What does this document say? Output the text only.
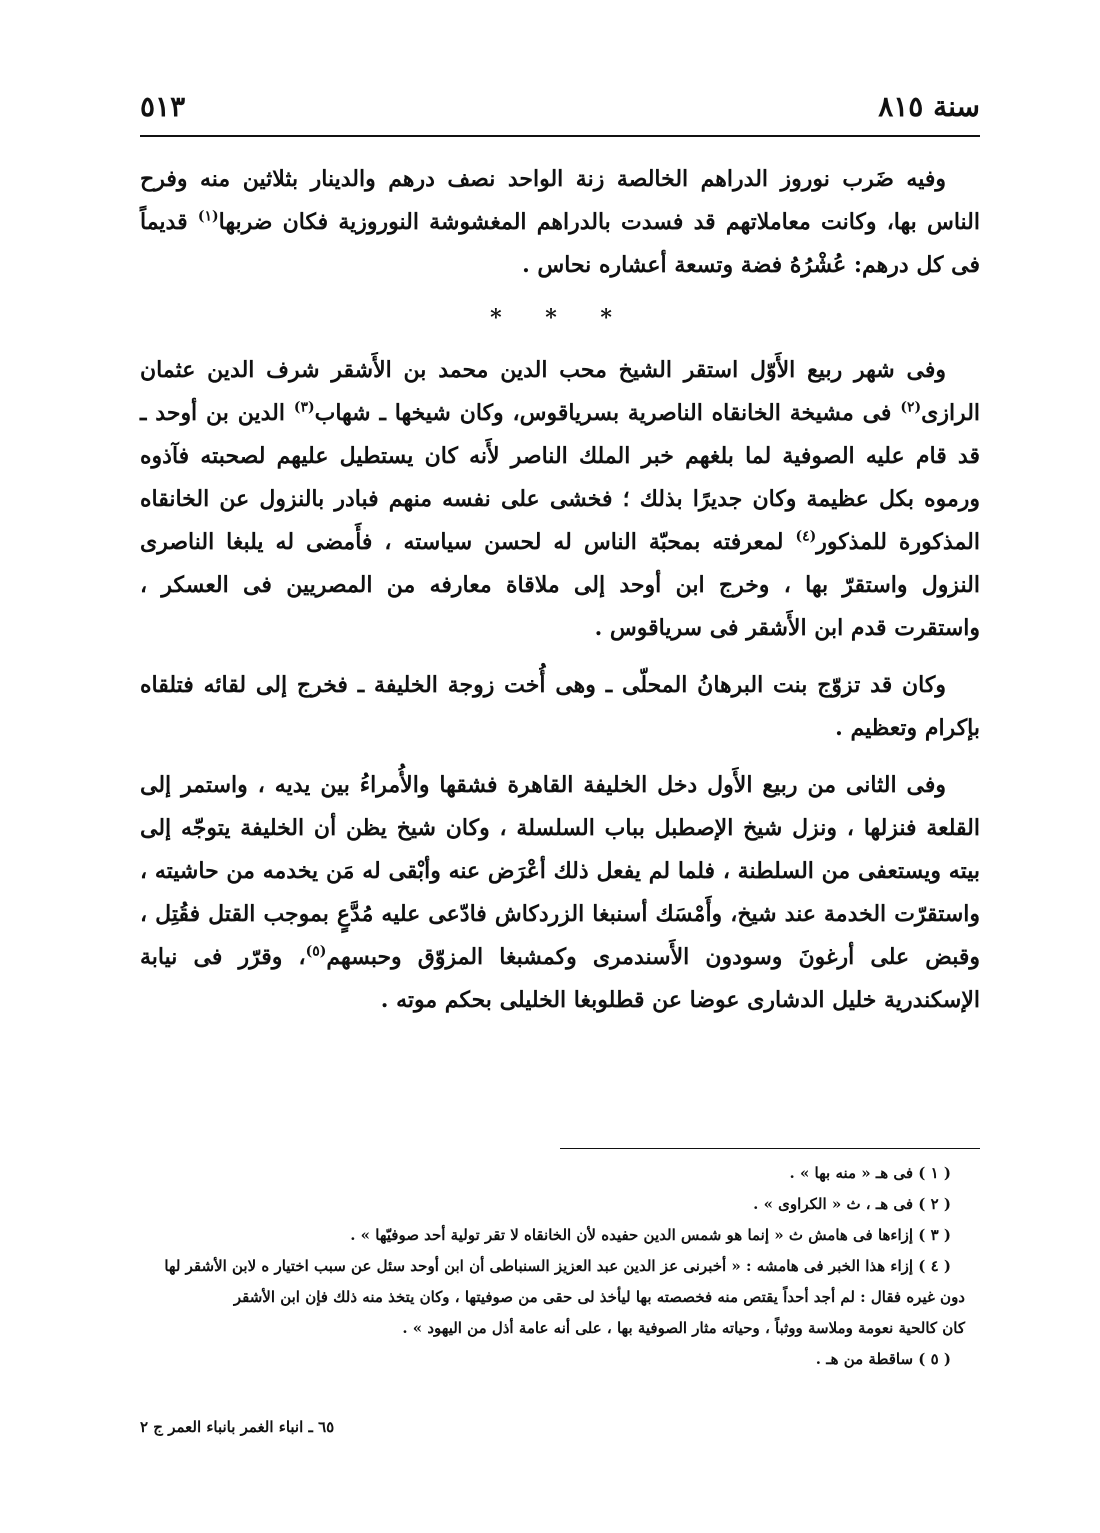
سنة ٨١٥
٥١٣

وفيه ضَرب نوروز الدراهم الخالصة زنة الواحد نصف درهم والدينار بثلاثين منه وفرح الناس بها، وكانت معاملاتهم قد فسدت بالدراهم المغشوشة النوروزية فكان ضربها$^{(١)}$ قديماً فى كل درهم: عُشْرُهُ فضة وتسعة أعشاره نحاس .

* * *

وفى شهر ربيع الأَوّل استقر الشيخ محب الدين محمد بن الأَشقر شرف الدين عثمان الرازى$^{(٢)}$ فى مشيخة الخانقاه الناصرية بسرياقوس، وكان شيخها ـ شهاب$^{(٣)}$ الدين بن أوحد ـ قد قام عليه الصوفية لما بلغهم خبر الملك الناصر لأَنه كان يستطيل عليهم لصحبته فآذوه ورموه بكل عظيمة وكان جديرًا بذلك ؛ فخشى على نفسه منهم فبادر بالنزول عن الخانقاه المذكورة للمذكور$^{(٤)}$ لمعرفته بمحبّة الناس له لحسن سياسته ، فأَمضى له يلبغا الناصرى النزول واستقرّ بها ، وخرج ابن أوحد إلى ملاقاة معارفه من المصريين فى العسكر ، واستقرت قدم ابن الأَشقر فى سرياقوس .

وكان قد تزوّج بنت البرهانُ المحلّى ـ وهى أُخت زوجة الخليفة ـ فخرج إلى لقائه فتلقاه بإكرام وتعظيم .

وفى الثانى من ربيع الأَول دخل الخليفة القاهرة فشقها والأُمراءُ بين يديه ، واستمر إلى القلعة فنزلها ، ونزل شيخ الإصطبل بباب السلسلة ، وكان شيخ يظن أن الخليفة يتوجّه إلى بيته ويستعفى من السلطنة ، فلما لم يفعل ذلك أعْرَض عنه وأبْقى له مَن يخدمه من حاشيته ، واستقرّت الخدمة عند شيخ، وأَمْسَك أسنبغا الزردكاش فادّعى عليه مُدَّعٍ بموجب القتل فقُتِل ، وقبض على أرغونَ وسودون الأَسندمرى وكمشبغا المزوّق وحبسهم$^{(٥)}$، وقرّر فى نيابة الإسكندرية خليل الدشارى عوضا عن قطلوبغا الخليلى بحكم موته .

( ١ ) فى هـ « منه بها » .

( ٢ ) فى هـ ، ث « الكراوى » .

( ٣ ) إزاءها فى هامش ث « إنما هو شمس الدين حفيده لأن الخانقاه لا تقر تولية أحد صوفيّها » .

( ٤ ) إزاء هذا الخبر فى هامشه : « أخبرنى عز الدين عبد العزيز السنباطى أن ابن أوحد سئل عن سبب اختيار ه لابن الأشقر لها

دون غيره فقال : لم أجد أحداً يقتص منه فخصصته بها ليأخذ لى حقى من صوفيتها ، وكان يتخذ منه ذلك فإن ابن الأشقر

كان كالحية نعومة وملاسة ووثباً ، وحياته مثار الصوفية بها ، على أنه عامة أذل من اليهود » .

( ٥ ) ساقطة من هـ .

٦٥ ـ انباء الغمر بانباء العمر ج ٢
